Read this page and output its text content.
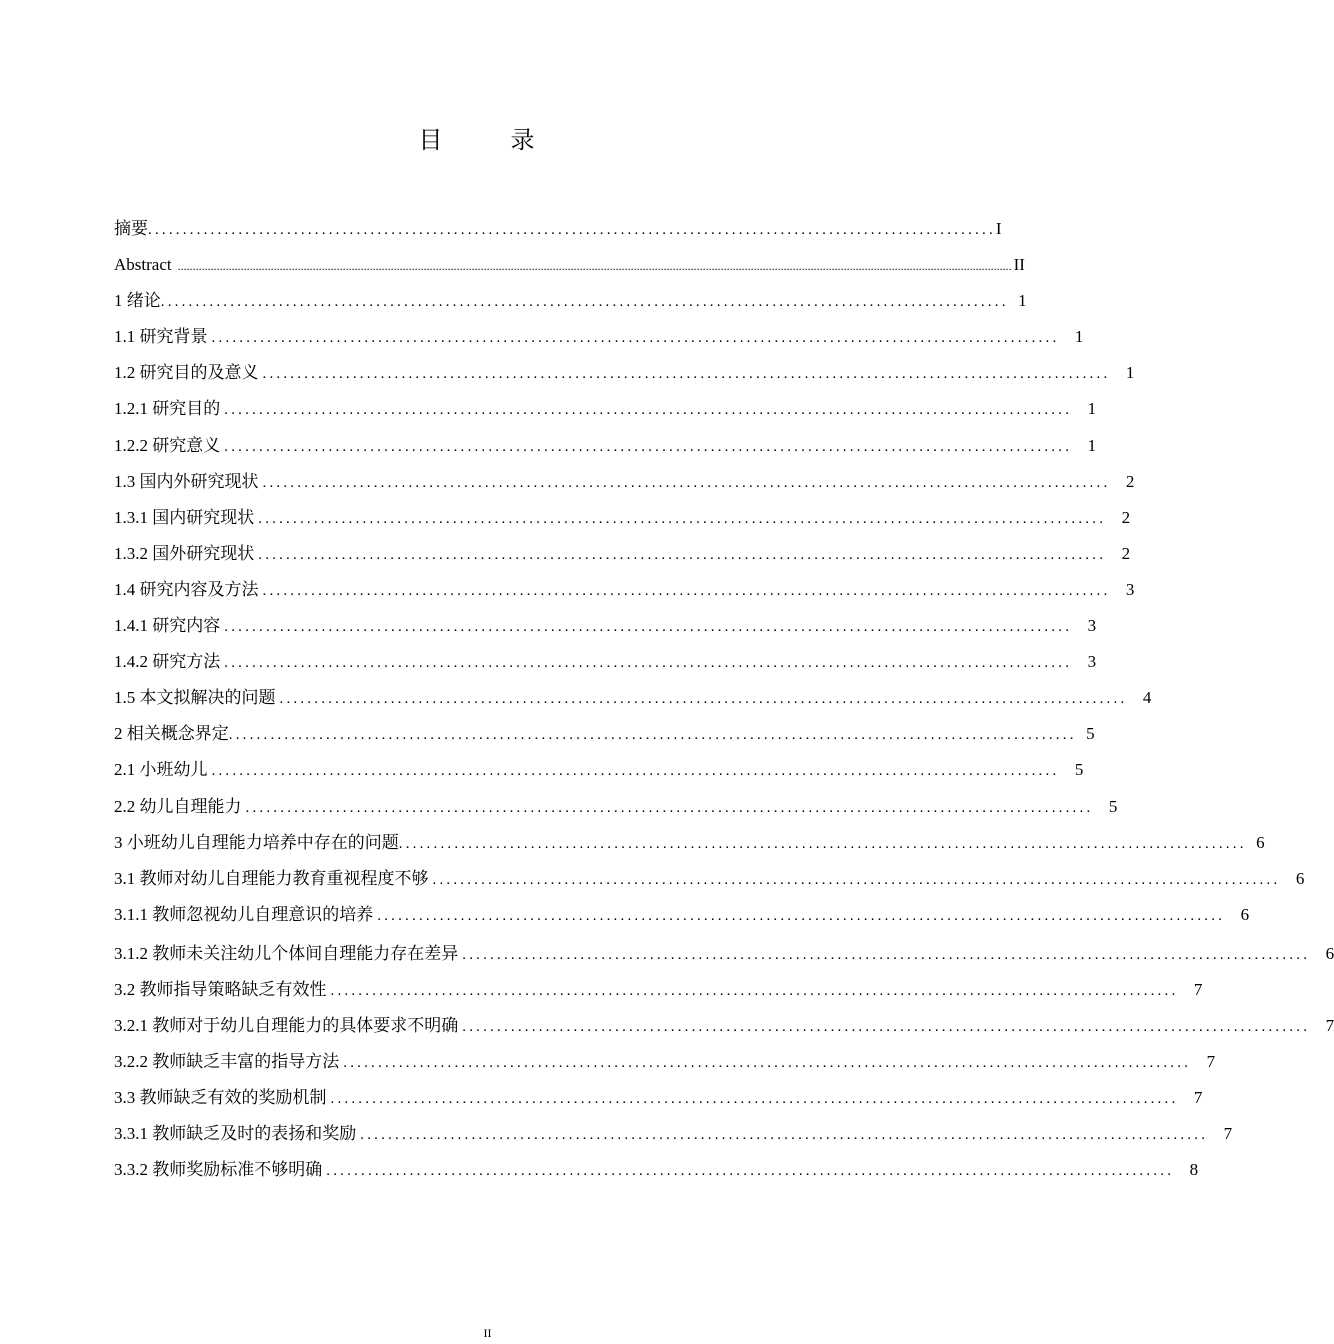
目　录
摘要 .......................................................................................................................... I
Abstract ...................................................................................................................................................................................................................................................................................... II
1 绪论 .......................................................................................................................... 1
1.1 研究背景 .......................................................................................................................... 1
1.2 研究目的及意义 .......................................................................................................................... 1
1.2.1 研究目的 .......................................................................................................................... 1
1.2.2 研究意义 .......................................................................................................................... 1
1.3 国内外研究现状 .......................................................................................................................... 2
1.3.1 国内研究现状 .......................................................................................................................... 2
1.3.2 国外研究现状 .......................................................................................................................... 2
1.4 研究内容及方法 .......................................................................................................................... 3
1.4.1 研究内容 .......................................................................................................................... 3
1.4.2 研究方法 .......................................................................................................................... 3
1.5 本文拟解决的问题 .......................................................................................................................... 4
2 相关概念界定 .......................................................................................................................... 5
2.1 小班幼儿 .......................................................................................................................... 5
2.2 幼儿自理能力 .......................................................................................................................... 5
3 小班幼儿自理能力培养中存在的问题 .......................................................................................................................... 6
3.1 教师对幼儿自理能力教育重视程度不够 .......................................................................................................................... 6
3.1.1 教师忽视幼儿自理意识的培养 .......................................................................................................................... 6
3.1.2 教师未关注幼儿个体间自理能力存在差异 .......................................................................................................................... 6
3.2 教师指导策略缺乏有效性 .......................................................................................................................... 7
3.2.1 教师对于幼儿自理能力的具体要求不明确 .......................................................................................................................... 7
3.2.2 教师缺乏丰富的指导方法 .......................................................................................................................... 7
3.3 教师缺乏有效的奖励机制 .......................................................................................................................... 7
3.3.1 教师缺乏及时的表扬和奖励 .......................................................................................................................... 7
3.3.2 教师奖励标准不够明确 .......................................................................................................................... 8
II
